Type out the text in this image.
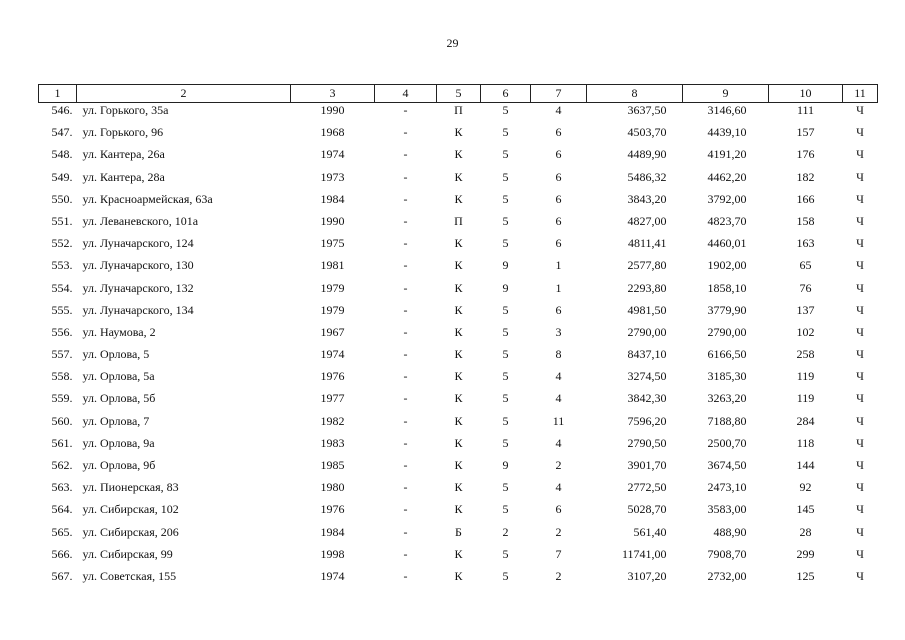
29
1	2	3	4	5	6	7	8	9	10	11
546.	ул. Горького, 35а	1990	-	П	5	4	3637,50	3146,60	111	Ч
547.	ул. Горького, 96	1968	-	К	5	6	4503,70	4439,10	157	Ч
548.	ул. Кантера, 26а	1974	-	К	5	6	4489,90	4191,20	176	Ч
549.	ул. Кантера, 28а	1973	-	К	5	6	5486,32	4462,20	182	Ч
550.	ул. Красноармейская, 63а	1984	-	К	5	6	3843,20	3792,00	166	Ч
551.	ул. Леваневского, 101а	1990	-	П	5	6	4827,00	4823,70	158	Ч
552.	ул. Луначарского, 124	1975	-	К	5	6	4811,41	4460,01	163	Ч
553.	ул. Луначарского, 130	1981	-	К	9	1	2577,80	1902,00	65	Ч
554.	ул. Луначарского, 132	1979	-	К	9	1	2293,80	1858,10	76	Ч
555.	ул. Луначарского, 134	1979	-	К	5	6	4981,50	3779,90	137	Ч
556.	ул. Наумова, 2	1967	-	К	5	3	2790,00	2790,00	102	Ч
557.	ул. Орлова, 5	1974	-	К	5	8	8437,10	6166,50	258	Ч
558.	ул. Орлова, 5а	1976	-	К	5	4	3274,50	3185,30	119	Ч
559.	ул. Орлова, 5б	1977	-	К	5	4	3842,30	3263,20	119	Ч
560.	ул. Орлова, 7	1982	-	К	5	11	7596,20	7188,80	284	Ч
561.	ул. Орлова, 9а	1983	-	К	5	4	2790,50	2500,70	118	Ч
562.	ул. Орлова, 9б	1985	-	К	9	2	3901,70	3674,50	144	Ч
563.	ул. Пионерская, 83	1980	-	К	5	4	2772,50	2473,10	92	Ч
564.	ул. Сибирская, 102	1976	-	К	5	6	5028,70	3583,00	145	Ч
565.	ул. Сибирская, 206	1984	-	Б	2	2	561,40	488,90	28	Ч
566.	ул. Сибирская, 99	1998	-	К	5	7	11741,00	7908,70	299	Ч
567.	ул. Советская, 155	1974	-	К	5	2	3107,20	2732,00	125	Ч
